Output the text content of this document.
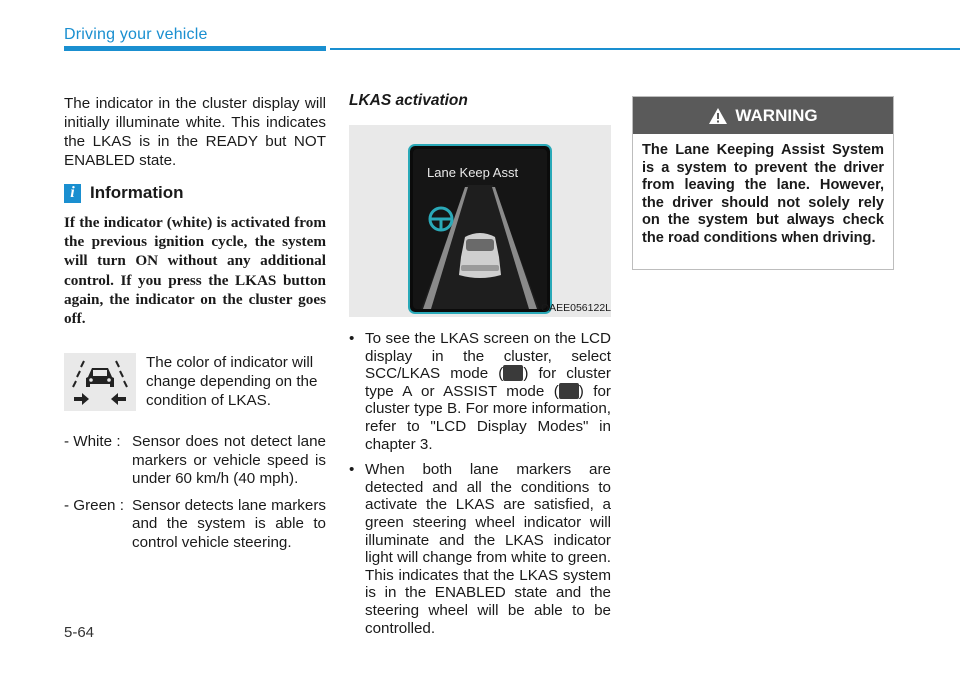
Driving your vehicle

The indicator in the cluster display will initially illuminate white. This indicates the LKAS is in the READY but NOT ENABLED state.

i Information
If the indicator (white) is activated from the previous ignition cycle, the system will turn ON without any additional control. If you press the LKAS button again, the indicator on the cluster goes off.
The color of indicator will change depending on the condition of LKAS.
- White : Sensor does not detect lane markers or vehicle speed is under 60 km/h (40 mph).
- Green : Sensor detects lane markers and the system is able to control vehicle steering.

LKAS activation

Lane Keep Asst
OAEE056122L
• To see the LKAS screen on the LCD display in the cluster, select SCC/LKAS mode ( ) for cluster type A or ASSIST mode ( ) for cluster type B. For more information, refer to "LCD Display Modes" in chapter 3.
• When both lane markers are detected and all the conditions to activate the LKAS are satisfied, a green steering wheel indicator will illuminate and the LKAS indicator light will change from white to green. This indicates that the LKAS system is in the ENABLED state and the steering wheel will be able to be controlled.
WARNING
The Lane Keeping Assist System is a system to prevent the driver from leaving the lane. However, the driver should not solely rely on the system but always check the road conditions when driving.
5-64
